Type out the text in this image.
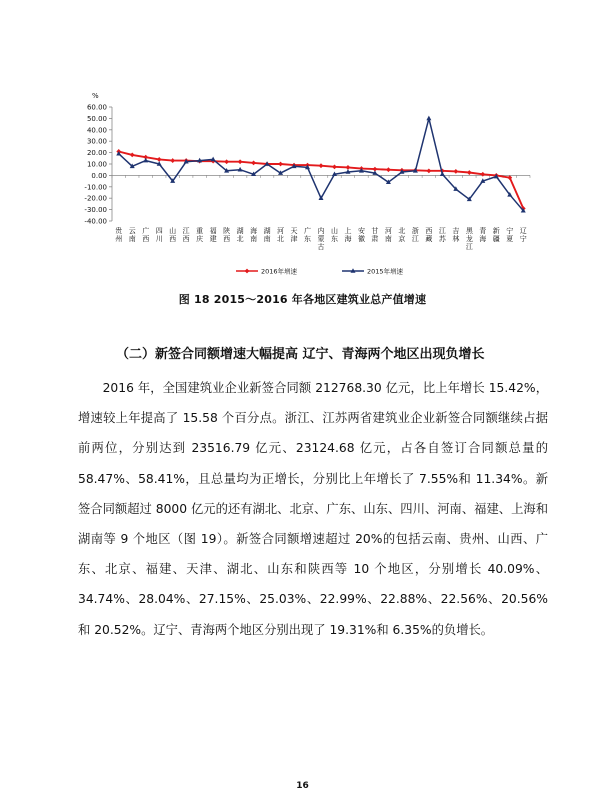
%
60.00
50.00
40.00
30.00
20.00
10.00
0.00
-10.00
-20.00
-30.00
-40.00
贵州
云南
广西
四川
山西
江西
重庆
福建
陕西
湖北
海南
湖南
河北
天津
广东
内蒙古
山东
上海
安徽
甘肃
河南
北京
浙江
西藏
江苏
吉林
黑龙江
青海
新疆
宁夏
辽宁
2016年增速	2015年增速
图 18 2015～2016 年各地区建筑业总产值增速
（二）新签合同额增速大幅提高 辽宁、青海两个地区出现负增长

2016 年，全国建筑业企业新签合同额 212768.30 亿元，比上年增长 15.42%，增速较上年提高了 15.58 个百分点。浙江、江苏两省建筑业企业新签合同额继续占据前两位，分别达到 23516.79 亿元、23124.68 亿元，占各自签订合同额总量的 58.47%、58.41%，且总量均为正增长，分别比上年增长了 7.55%和 11.34%。新签合同额超过 8000 亿元的还有湖北、北京、广东、山东、四川、河南、福建、上海和湖南等 9 个地区（图 19）。新签合同额增速超过 20%的包括云南、贵州、山西、广东、北京、福建、天津、湖北、山东和陕西等 10 个地区，分别增长 40.09%、34.74%、28.04%、27.15%、25.03%、22.99%、22.88%、22.56%、20.56%和 20.52%。辽宁、青海两个地区分别出现了 19.31%和 6.35%的负增长。

16
